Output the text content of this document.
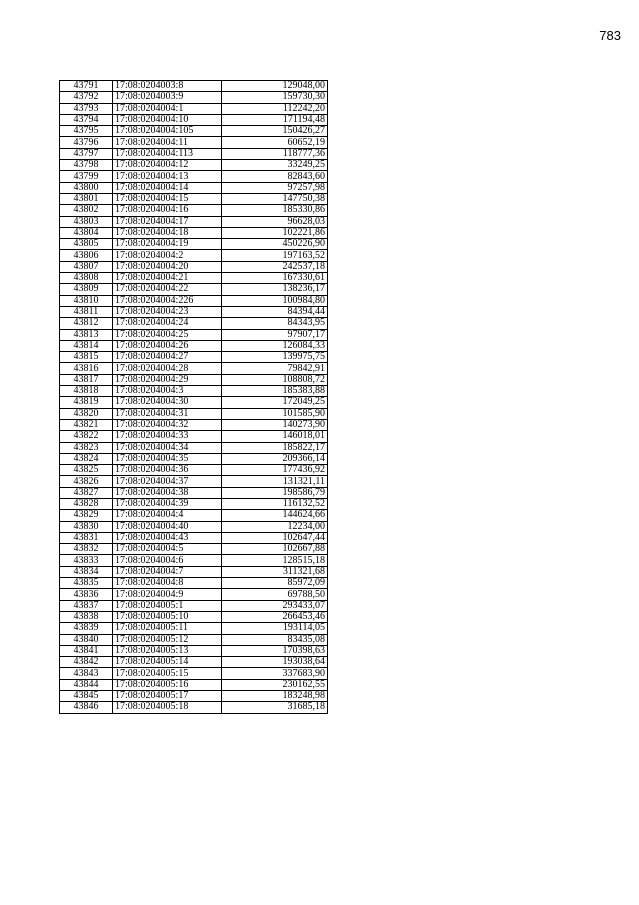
783
43791	17:08:0204003:8	129048,00
43792	17:08:0204003:9	159730,30
43793	17:08:0204004:1	112242,20
43794	17:08:0204004:10	171194,48
43795	17:08:0204004:105	150426,27
43796	17:08:0204004:11	60652,19
43797	17:08:0204004:113	118777,36
43798	17:08:0204004:12	33249,25
43799	17:08:0204004:13	82843,60
43800	17:08:0204004:14	97257,98
43801	17:08:0204004:15	147750,38
43802	17:08:0204004:16	185330,86
43803	17:08:0204004:17	96628,03
43804	17:08:0204004:18	102221,86
43805	17:08:0204004:19	450226,90
43806	17:08:0204004:2	197163,52
43807	17:08:0204004:20	242537,18
43808	17:08:0204004:21	167330,61
43809	17:08:0204004:22	138236,17
43810	17:08:0204004:226	100984,80
43811	17:08:0204004:23	84394,44
43812	17:08:0204004:24	84343,95
43813	17:08:0204004:25	97907,17
43814	17:08:0204004:26	126084,33
43815	17:08:0204004:27	139975,75
43816	17:08:0204004:28	79842,91
43817	17:08:0204004:29	108808,72
43818	17:08:0204004:3	185383,88
43819	17:08:0204004:30	172049,25
43820	17:08:0204004:31	101585,90
43821	17:08:0204004:32	140273,90
43822	17:08:0204004:33	146018,01
43823	17:08:0204004:34	185822,17
43824	17:08:0204004:35	209366,14
43825	17:08:0204004:36	177436,92
43826	17:08:0204004:37	131321,11
43827	17:08:0204004:38	198586,79
43828	17:08:0204004:39	116132,52
43829	17:08:0204004:4	144624,66
43830	17:08:0204004:40	12234,00
43831	17:08:0204004:43	102647,44
43832	17:08:0204004:5	102667,88
43833	17:08:0204004:6	128515,18
43834	17:08:0204004:7	311321,68
43835	17:08:0204004:8	85972,09
43836	17:08:0204004:9	69788,50
43837	17:08:0204005:1	293433,07
43838	17:08:0204005:10	266453,46
43839	17:08:0204005:11	193114,05
43840	17:08:0204005:12	83435,08
43841	17:08:0204005:13	170398,63
43842	17:08:0204005:14	193038,64
43843	17:08:0204005:15	337683,90
43844	17:08:0204005:16	230162,55
43845	17:08:0204005:17	183248,98
43846	17:08:0204005:18	31685,18
